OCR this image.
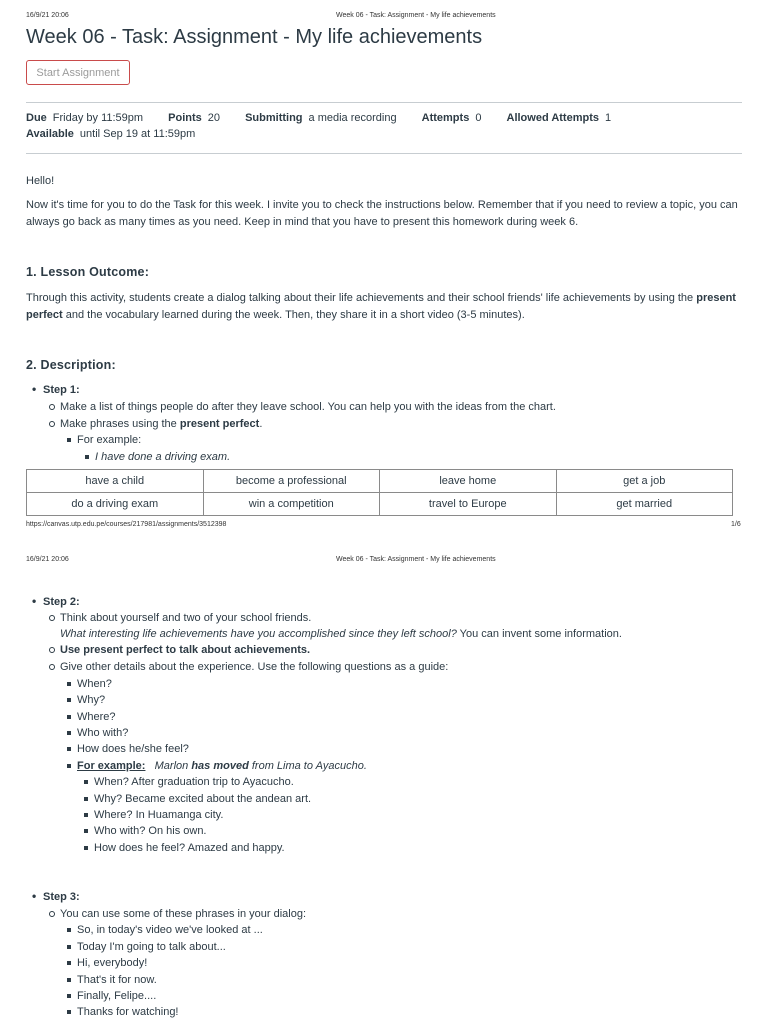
16/9/21 20:06	Week 06 - Task: Assignment - My life achievements
Week 06 - Task: Assignment - My life achievements
Start Assignment
Due Friday by 11:59pm Points 20 Submitting a media recording Attempts 0 Allowed Attempts 1
Available until Sep 19 at 11:59pm

Hello!

Now it's time for you to do the Task for this week. I invite you to check the instructions below. Remember that if you need to review a topic, you can always go back as many times as you need. Keep in mind that you have to present this homework during week 6.

1. Lesson Outcome:

Through this activity, students create a dialog talking about their life achievements and their school friends' life achievements by using the present perfect and the vocabulary learned during the week. Then, they share it in a short video (3-5 minutes).

2. Description:
• Step 1:
Make a list of things people do after they leave school. You can help you with the ideas from the chart.
Make phrases using the present perfect.
For example:
I have done a driving exam.
have a child	become a professional	leave home	get a job
do a driving exam	win a competition	travel to Europe	get married
https://canvas.utp.edu.pe/courses/217981/assignments/3512398	1/6
16/9/21 20:06	Week 06 - Task: Assignment - My life achievements
• Step 2:
Think about yourself and two of your school friends.
What interesting life achievements have you accomplished since they left school? You can invent some information.
Use present perfect to talk about achievements.
Give other details about the experience. Use the following questions as a guide:
When?
Why?
Where?
Who with?
How does he/she feel?
For example: Marlon has moved from Lima to Ayacucho.
When? After graduation trip to Ayacucho.
Why? Became excited about the andean art.
Where? In Huamanga city.
Who with? On his own.
How does he feel? Amazed and happy.
• Step 3:
You can use some of these phrases in your dialog:
So, in today's video we've looked at ...
Today I'm going to talk about...
Hi, everybody!
That's it for now.
Finally, Felipe....
Thanks for watching!
